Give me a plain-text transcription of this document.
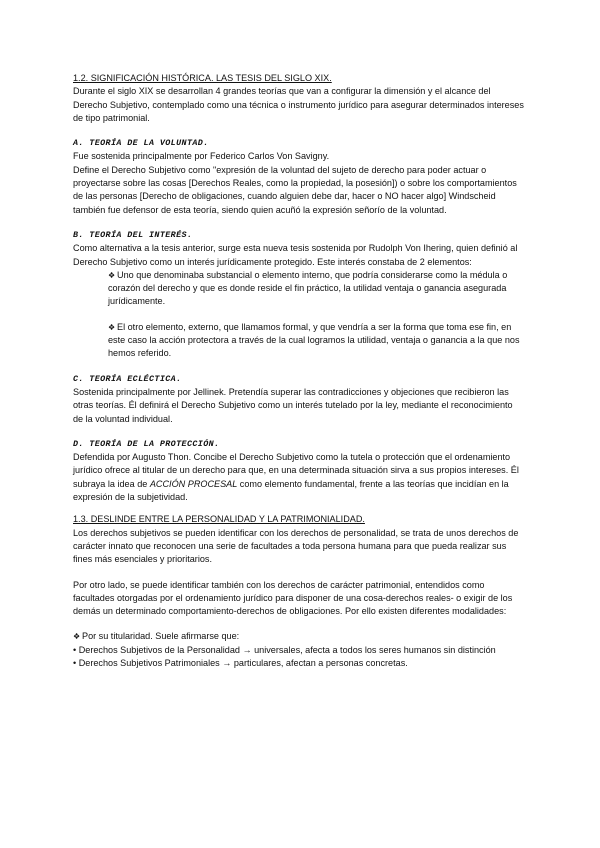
1.2. SIGNIFICACIÓN HISTÓRICA. LAS TESIS DEL SIGLO XIX.

Durante el siglo XIX se desarrollan 4 grandes teorías que van a configurar la dimensión y el alcance del Derecho Subjetivo, contemplado como una técnica o instrumento jurídico para asegurar determinados intereses de tipo patrimonial.

A. TEORÍA DE LA VOLUNTAD.

Fue sostenida principalmente por Federico Carlos Von Savigny.

Define el Derecho Subjetivo como "expresión de la voluntad del sujeto de derecho para poder actuar o proyectarse sobre las cosas [Derechos Reales, como la propiedad, la posesión]) o sobre los comportamientos de las personas [Derecho de obligaciones, cuando alguien debe dar, hacer o NO hacer algo] Windscheid también fue defensor de esta teoría, siendo quien acuñó la expresión señorío de la voluntad.

B. TEORÍA DEL INTERÉS.

Como alternativa a la tesis anterior, surge esta nueva tesis sostenida por Rudolph Von Ihering, quien definió al Derecho Subjetivo como un interés jurídicamente protegido. Este interés constaba de 2 elementos:

❖ Uno que denominaba substancial o elemento interno, que podría considerarse como la médula o corazón del derecho y que es donde reside el fin práctico, la utilidad ventaja o ganancia asegurada jurídicamente.

❖ El otro elemento, externo, que llamamos formal, y que vendría a ser la forma que toma ese fin, en este caso la acción protectora a través de la cual logramos la utilidad, ventaja o ganancia a la que nos hemos referido.

C. TEORÍA ECLÉCTICA.

Sostenida principalmente por Jellinek. Pretendía superar las contradicciones y objeciones que recibieron las otras teorías. Él definirá el Derecho Subjetivo como un interés tutelado por la ley, mediante el reconocimiento de la voluntad individual.

D. TEORÍA DE LA PROTECCIÓN.

Defendida por Augusto Thon. Concibe el Derecho Subjetivo como la tutela o protección que el ordenamiento jurídico ofrece al titular de un derecho para que, en una determinada situación sirva a sus propios intereses. Él subraya la idea de ACCIÓN PROCESAL como elemento fundamental, frente a las teorías que incidían en la expresión de la subjetividad.

1.3. DESLINDE ENTRE LA PERSONALIDAD Y LA PATRIMONIALIDAD.

Los derechos subjetivos se pueden identificar con los derechos de personalidad, se trata de unos derechos de carácter innato que reconocen una serie de facultades a toda persona humana para que pueda realizar sus fines más esenciales y prioritarios.

Por otro lado, se puede identificar también con los derechos de carácter patrimonial, entendidos como facultades otorgadas por el ordenamiento jurídico para disponer de una cosa-derechos reales- o exigir de los demás un determinado comportamiento-derechos de obligaciones. Por ello existen diferentes modalidades:

❖ Por su titularidad. Suele afirmarse que:

• Derechos Subjetivos de la Personalidad → universales, afecta a todos los seres humanos sin distinción

• Derechos Subjetivos Patrimoniales → particulares, afectan a personas concretas.
